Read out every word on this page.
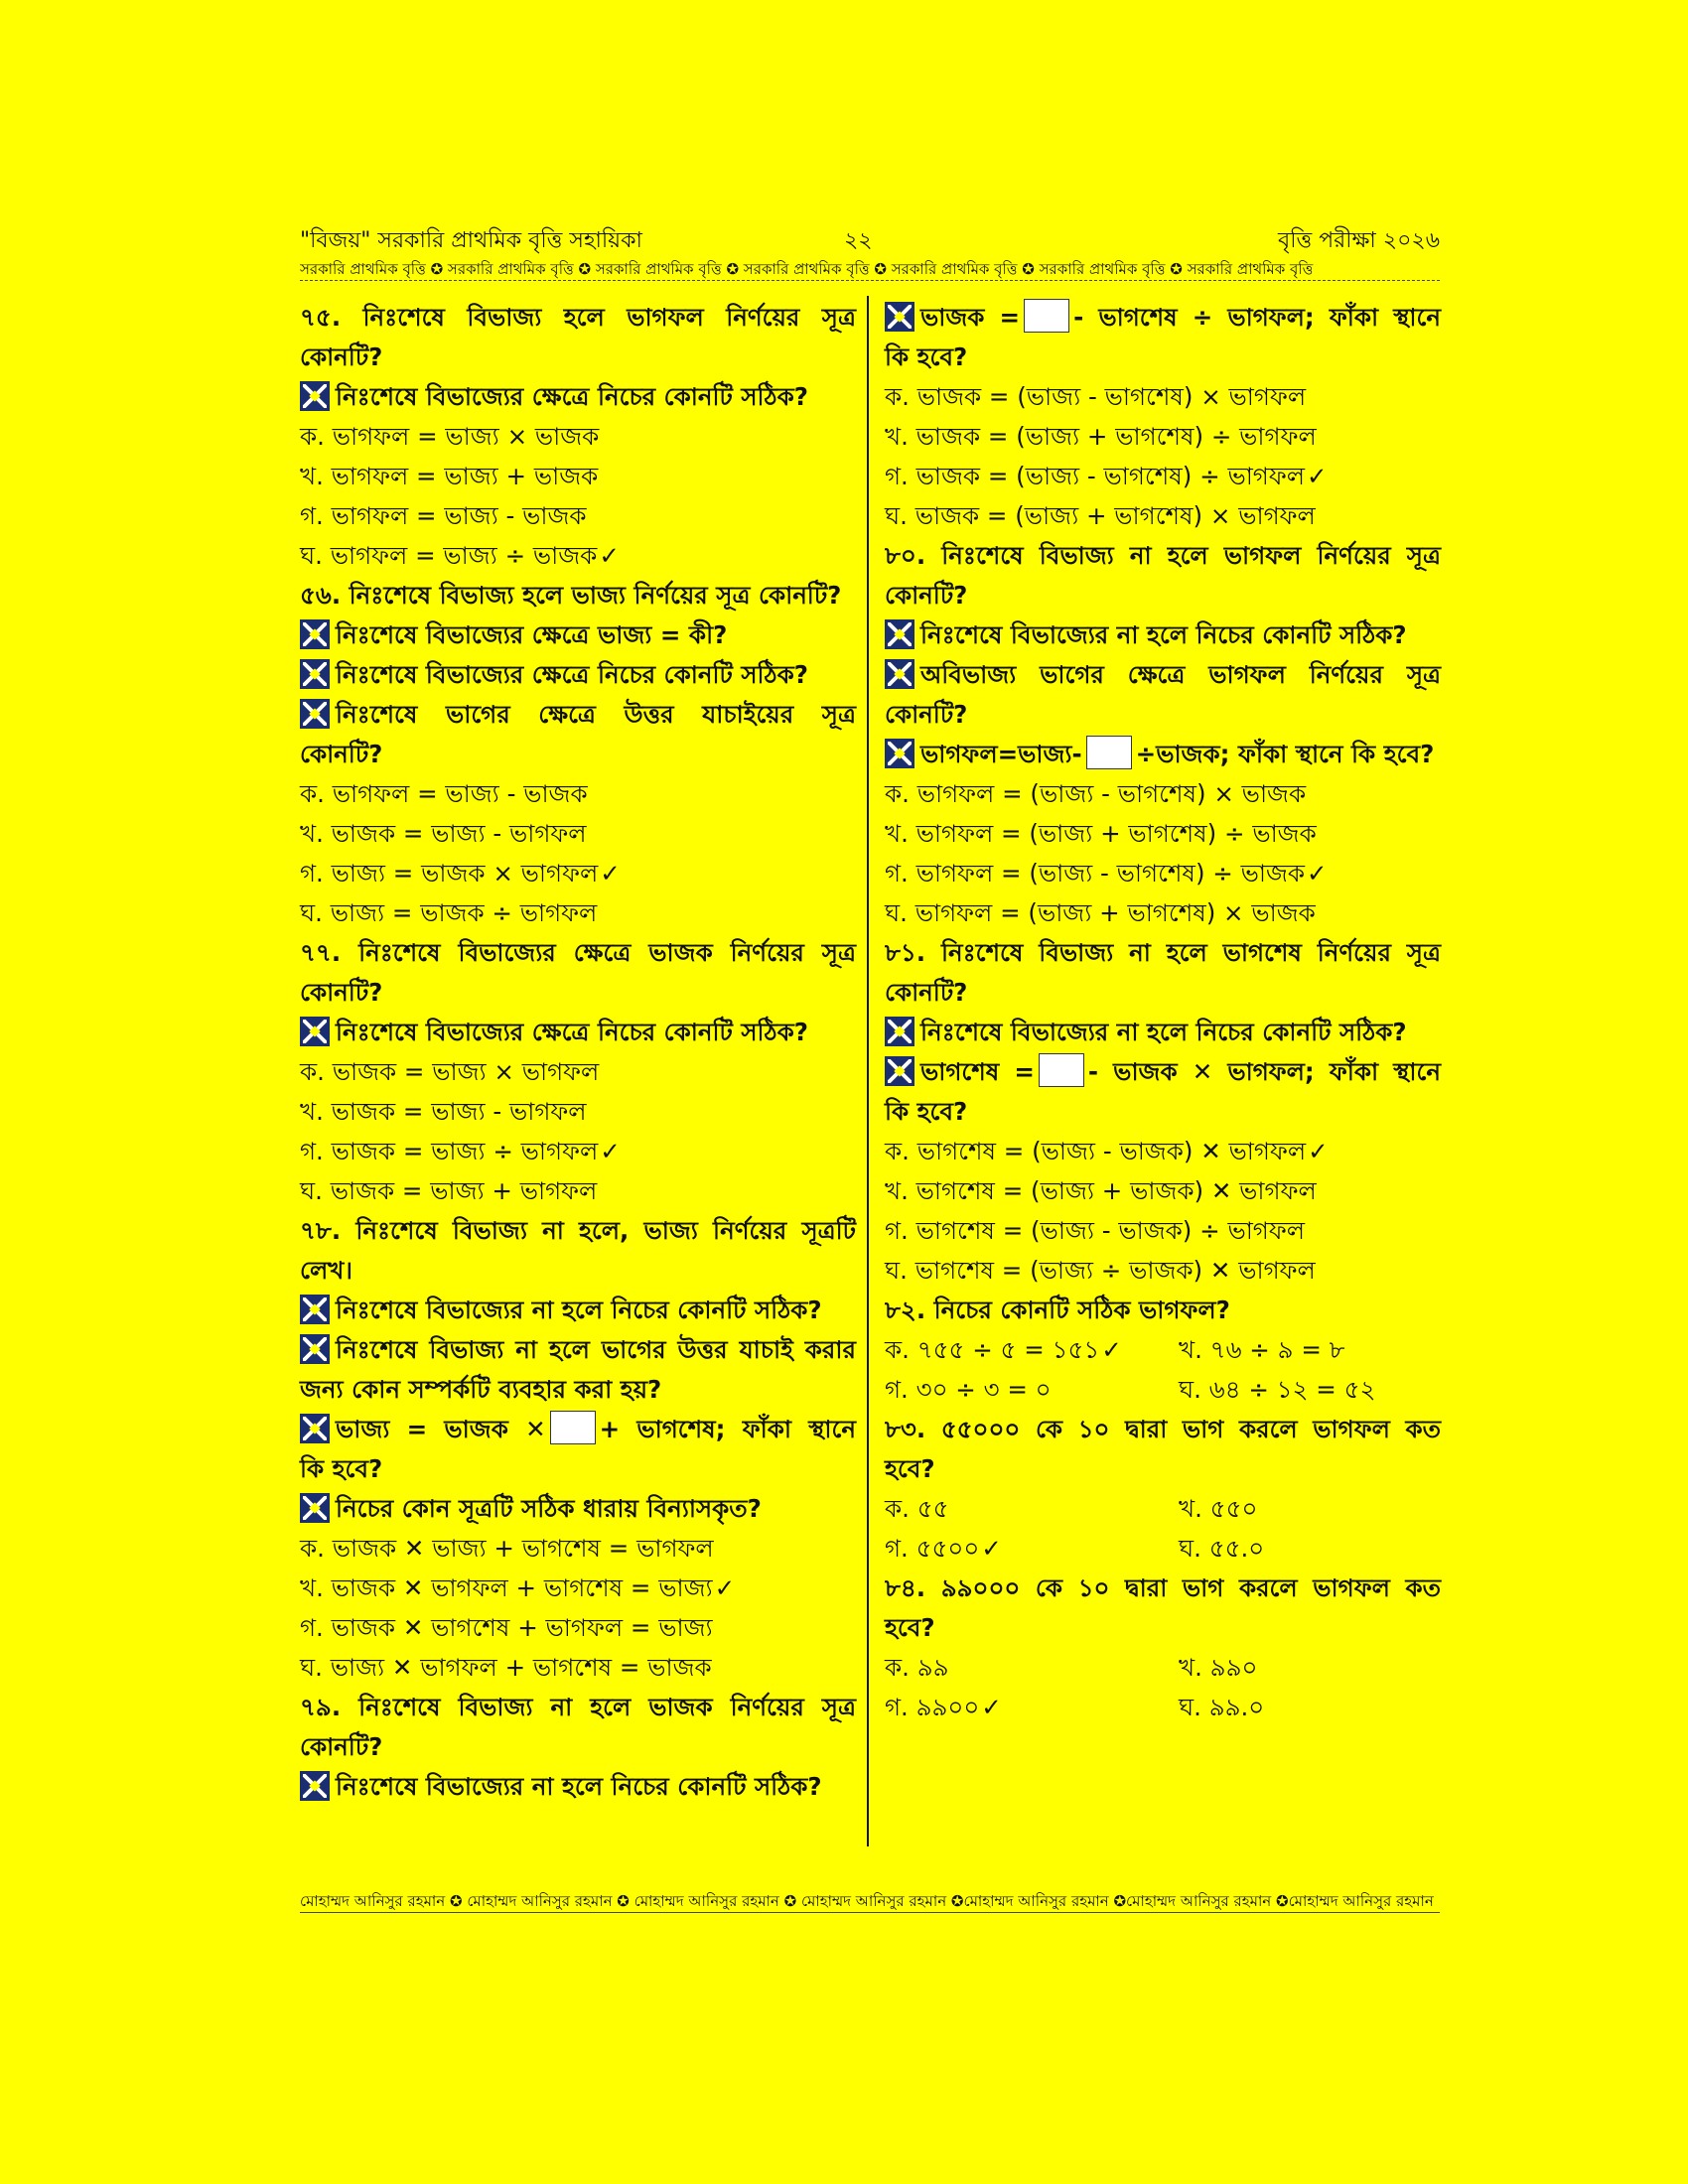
"বিজয়" সরকারি প্রাথমিক বৃত্তি সহায়িকা	২২	বৃত্তি পরীক্ষা ২০২৬
সরকারি প্রাথমিক বৃত্তি ✪ সরকারি প্রাথমিক বৃত্তি ✪ সরকারি প্রাথমিক বৃত্তি ✪ সরকারি প্রাথমিক বৃত্তি ✪ সরকারি প্রাথমিক বৃত্তি ✪ সরকারি প্রাথমিক বৃত্তি ✪ সরকারি প্রাথমিক বৃত্তি
৭৫. নিঃশেষে বিভাজ্য হলে ভাগফল নির্ণয়ের সূত্র
কোনটি?
নিঃশেষে বিভাজ্যের ক্ষেত্রে নিচের কোনটি সঠিক?
ক. ভাগফল = ভাজ্য × ভাজক
খ. ভাগফল = ভাজ্য + ভাজক
গ. ভাগফল = ভাজ্য - ভাজক
ঘ. ভাগফল = ভাজ্য ÷ ভাজক✓
৫৬. নিঃশেষে বিভাজ্য হলে ভাজ্য নির্ণয়ের সূত্র কোনটি?
নিঃশেষে বিভাজ্যের ক্ষেত্রে ভাজ্য = কী?
নিঃশেষে বিভাজ্যের ক্ষেত্রে নিচের কোনটি সঠিক?
নিঃশেষে ভাগের ক্ষেত্রে উত্তর যাচাইয়ের সূত্র
কোনটি?
ক. ভাগফল = ভাজ্য - ভাজক
খ. ভাজক = ভাজ্য - ভাগফল
গ. ভাজ্য = ভাজক × ভাগফল✓
ঘ. ভাজ্য = ভাজক ÷ ভাগফল
৭৭. নিঃশেষে বিভাজ্যের ক্ষেত্রে ভাজক নির্ণয়ের সূত্র
কোনটি?
নিঃশেষে বিভাজ্যের ক্ষেত্রে নিচের কোনটি সঠিক?
ক. ভাজক = ভাজ্য × ভাগফল
খ. ভাজক = ভাজ্য - ভাগফল
গ. ভাজক = ভাজ্য ÷ ভাগফল✓
ঘ. ভাজক = ভাজ্য + ভাগফল
৭৮. নিঃশেষে বিভাজ্য না হলে, ভাজ্য নির্ণয়ের সূত্রটি
লেখ।
নিঃশেষে বিভাজ্যের না হলে নিচের কোনটি সঠিক?
নিঃশেষে বিভাজ্য না হলে ভাগের উত্তর যাচাই করার
জন্য কোন সম্পর্কটি ব্যবহার করা হয়?
ভাজ্য = ভাজক ✕ + ভাগশেষ; ফাঁকা স্থানে
কি হবে?
নিচের কোন সূত্রটি সঠিক ধারায় বিন্যাসকৃত?
ক. ভাজক ✕ ভাজ্য + ভাগশেষ = ভাগফল
খ. ভাজক ✕ ভাগফল + ভাগশেষ = ভাজ্য✓
গ. ভাজক ✕ ভাগশেষ + ভাগফল = ভাজ্য
ঘ. ভাজ্য ✕ ভাগফল + ভাগশেষ = ভাজক
৭৯. নিঃশেষে বিভাজ্য না হলে ভাজক নির্ণয়ের সূত্র
কোনটি?
নিঃশেষে বিভাজ্যের না হলে নিচের কোনটি সঠিক?
ভাজক = - ভাগশেষ ÷ ভাগফল; ফাঁকা স্থানে
কি হবে?
ক. ভাজক = (ভাজ্য - ভাগশেষ) × ভাগফল
খ. ভাজক = (ভাজ্য + ভাগশেষ) ÷ ভাগফল
গ. ভাজক = (ভাজ্য - ভাগশেষ) ÷ ভাগফল✓
ঘ. ভাজক = (ভাজ্য + ভাগশেষ) × ভাগফল
৮০. নিঃশেষে বিভাজ্য না হলে ভাগফল নির্ণয়ের সূত্র
কোনটি?
নিঃশেষে বিভাজ্যের না হলে নিচের কোনটি সঠিক?
অবিভাজ্য ভাগের ক্ষেত্রে ভাগফল নির্ণয়ের সূত্র
কোনটি?
ভাগফল=ভাজ্য- ÷ভাজক; ফাঁকা স্থানে কি হবে?
ক. ভাগফল = (ভাজ্য - ভাগশেষ) × ভাজক
খ. ভাগফল = (ভাজ্য + ভাগশেষ) ÷ ভাজক
গ. ভাগফল = (ভাজ্য - ভাগশেষ) ÷ ভাজক✓
ঘ. ভাগফল = (ভাজ্য + ভাগশেষ) × ভাজক
৮১. নিঃশেষে বিভাজ্য না হলে ভাগশেষ নির্ণয়ের সূত্র
কোনটি?
নিঃশেষে বিভাজ্যের না হলে নিচের কোনটি সঠিক?
ভাগশেষ = - ভাজক ✕ ভাগফল; ফাঁকা স্থানে
কি হবে?
ক. ভাগশেষ = (ভাজ্য - ভাজক) ✕ ভাগফল✓
খ. ভাগশেষ = (ভাজ্য + ভাজক) ✕ ভাগফল
গ. ভাগশেষ = (ভাজ্য - ভাজক) ÷ ভাগফল
ঘ. ভাগশেষ = (ভাজ্য ÷ ভাজক) ✕ ভাগফল
৮২. নিচের কোনটি সঠিক ভাগফল?
ক. ৭৫৫ ÷ ৫ = ১৫১✓	খ. ৭৬ ÷ ৯ = ৮
গ. ৩০ ÷ ৩ = ০	ঘ. ৬৪ ÷ ১২ = ৫২
৮৩. ৫৫০০০ কে ১০ দ্বারা ভাগ করলে ভাগফল কত
হবে?
ক. ৫৫	খ. ৫৫০
গ. ৫৫০০✓	ঘ. ৫৫.০
৮৪. ৯৯০০০ কে ১০ দ্বারা ভাগ করলে ভাগফল কত
হবে?
ক. ৯৯	খ. ৯৯০
গ. ৯৯০০✓	ঘ. ৯৯.০
মোহাম্মদ আনিসুর রহমান ✪ মোহাম্মদ আনিসুর রহমান ✪ মোহাম্মদ আনিসুর রহমান ✪ মোহাম্মদ আনিসুর রহমান ✪মোহাম্মদ আনিসুর রহমান ✪মোহাম্মদ আনিসুর রহমান ✪মোহাম্মদ আনিসুর রহমান
